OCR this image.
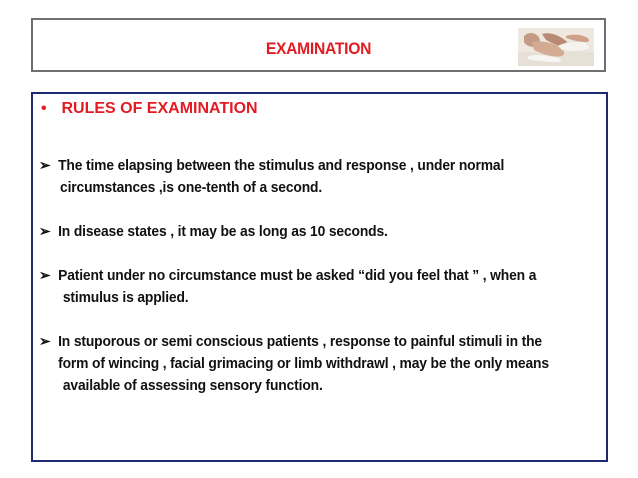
EXAMINATION
• RULES OF EXAMINATION
➢ The time elapsing between the stimulus and response , under normal
circumstances ,is one-tenth of a second.
➢ In disease states , it may be as long as 10 seconds.
➢ Patient under no circumstance must be asked “did you feel that ” , when a
stimulus is applied.
➢ In stuporous or semi conscious patients , response to painful stimuli in the
form of wincing , facial grimacing or limb withdrawl , may be the only means
available of assessing sensory function.
